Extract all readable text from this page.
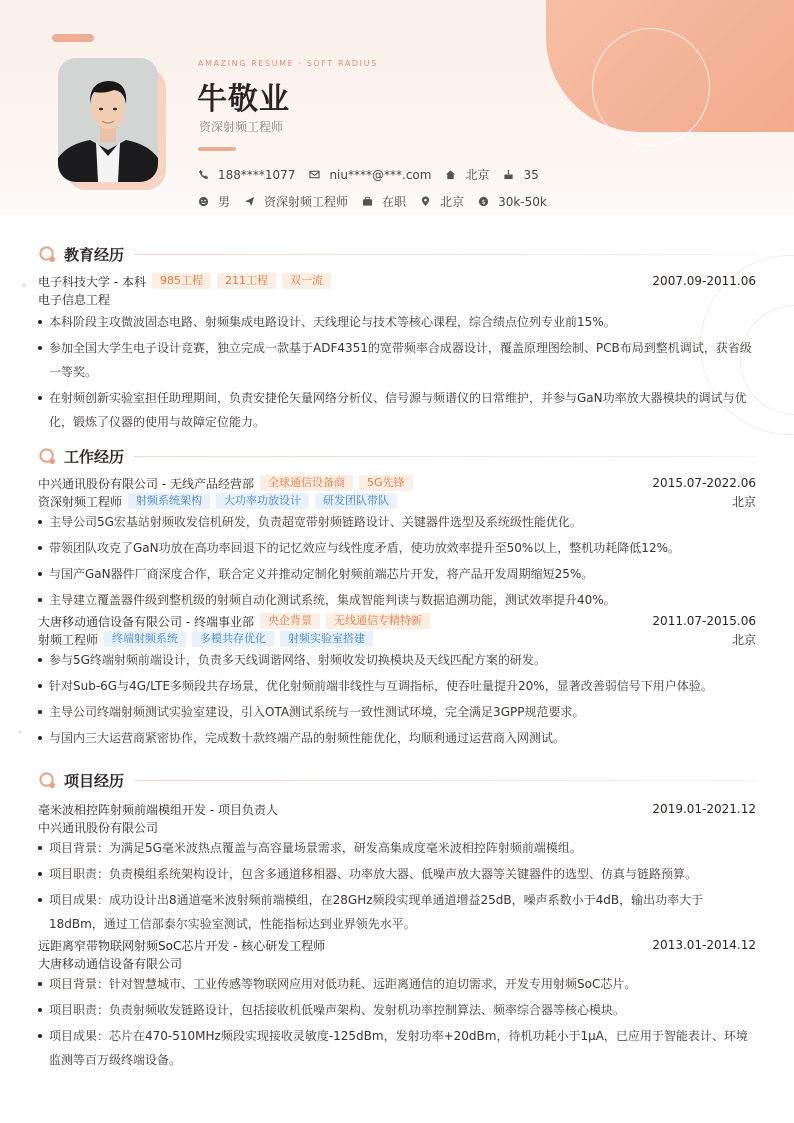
AMAZING RESUME · SOFT RADIUS
牛敬业
资深射频工程师
188****1077	niu****@***.com	北京	35
男	资深射频工程师	在职	北京 $ 30k-50k
教育经历
电子科技大学 - 本科	985工程	211工程	双一流	2007.09-2011.06
电子信息工程
本科阶段主攻微波固态电路、射频集成电路设计、天线理论与技术等核心课程，综合绩点位列专业前15%。
参加全国大学生电子设计竞赛，独立完成一款基于ADF4351的宽带频率合成器设计，覆盖原理图绘制、PCB布局到整机调试，获省级一等奖。
在射频创新实验室担任助理期间，负责安捷伦矢量网络分析仪、信号源与频谱仪的日常维护，并参与GaN功率放大器模块的调试与优化，锻炼了仪器的使用与故障定位能力。
工作经历
中兴通讯股份有限公司 - 无线产品经营部	全球通信设备商	5G先锋	2015.07-2022.06
资深射频工程师	射频系统架构	大功率功放设计	研发团队带队	北京
主导公司5G宏基站射频收发信机研发，负责超宽带射频链路设计、关键器件选型及系统级性能优化。
带领团队攻克了GaN功放在高功率回退下的记忆效应与线性度矛盾，使功放效率提升至50%以上，整机功耗降低12%。
与国产GaN器件厂商深度合作，联合定义并推动定制化射频前端芯片开发，将产品开发周期缩短25%。
主导建立覆盖器件级到整机级的射频自动化测试系统，集成智能判读与数据追溯功能，测试效率提升40%。
大唐移动通信设备有限公司 - 终端事业部	央企背景	无线通信专精特新	2011.07-2015.06
射频工程师	终端射频系统	多模共存优化	射频实验室搭建	北京
参与5G终端射频前端设计，负责多天线调谐网络、射频收发切换模块及天线匹配方案的研发。
针对Sub-6G与4G/LTE多频段共存场景，优化射频前端非线性与互调指标，使吞吐量提升20%，显著改善弱信号下用户体验。
主导公司终端射频测试实验室建设，引入OTA测试系统与一致性测试环境，完全满足3GPP规范要求。
与国内三大运营商紧密协作，完成数十款终端产品的射频性能优化，均顺利通过运营商入网测试。
项目经历
毫米波相控阵射频前端模组开发 - 项目负责人	2019.01-2021.12
中兴通讯股份有限公司
项目背景：为满足5G毫米波热点覆盖与高容量场景需求，研发高集成度毫米波相控阵射频前端模组。
项目职责：负责模组系统架构设计，包含多通道移相器、功率放大器、低噪声放大器等关键器件的选型、仿真与链路预算。
项目成果：成功设计出8通道毫米波射频前端模组，在28GHz频段实现单通道增益25dB，噪声系数小于4dB，输出功率大于18dBm，通过工信部泰尔实验室测试，性能指标达到业界领先水平。
远距离窄带物联网射频SoC芯片开发 - 核心研发工程师	2013.01-2014.12
大唐移动通信设备有限公司
项目背景：针对智慧城市、工业传感等物联网应用对低功耗、远距离通信的迫切需求，开发专用射频SoC芯片。
项目职责：负责射频收发链路设计，包括接收机低噪声架构、发射机功率控制算法、频率综合器等核心模块。
项目成果：芯片在470-510MHz频段实现接收灵敏度-125dBm，发射功率+20dBm，待机功耗小于1μA，已应用于智能表计、环境监测等百万级终端设备。
